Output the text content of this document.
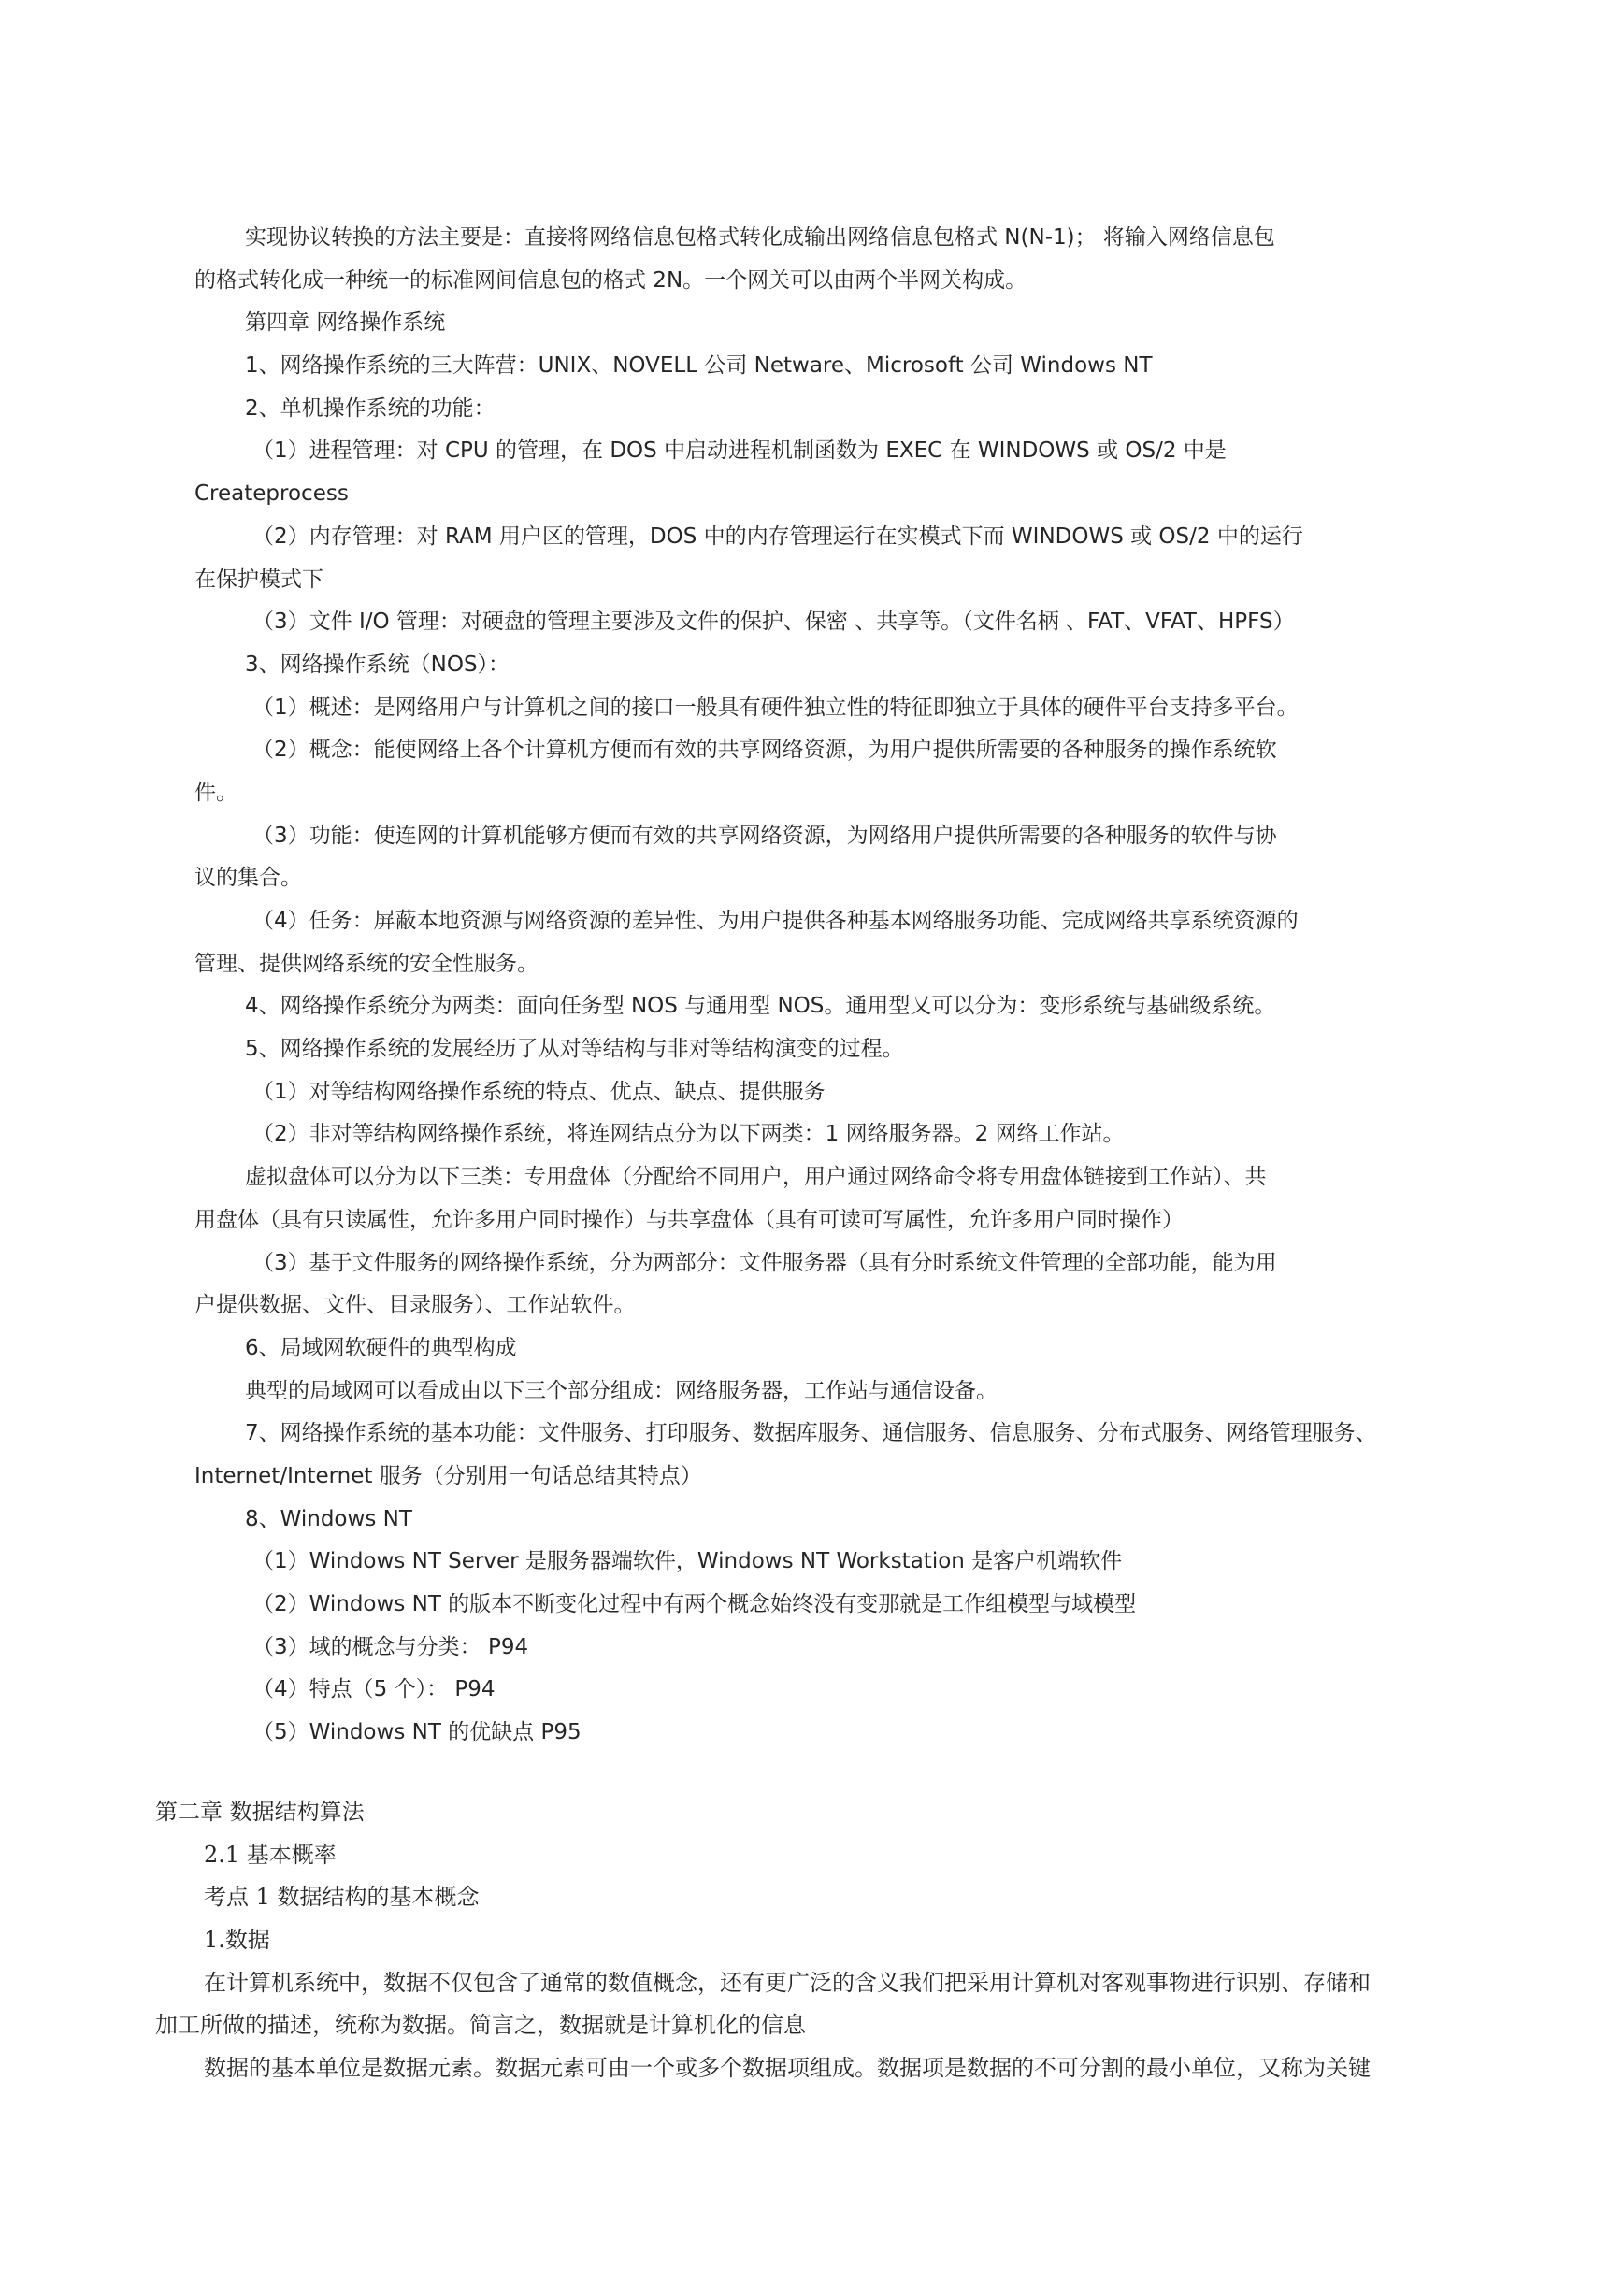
实现协议转换的方法主要是：直接将网络信息包格式转化成输出网络信息包格式 N(N-1)； 将输入网络信息包
的格式转化成一种统一的标准网间信息包的格式 2N。一个网关可以由两个半网关构成。
第四章 网络操作系统
1、网络操作系统的三大阵营：UNIX、NOVELL 公司 Netware、Microsoft 公司 Windows NT
2、单机操作系统的功能：
（1）进程管理：对 CPU 的管理，在 DOS 中启动进程机制函数为 EXEC 在 WINDOWS 或 OS/2 中是
Createprocess
（2）内存管理：对 RAM 用户区的管理，DOS 中的内存管理运行在实模式下而 WINDOWS 或 OS/2 中的运行
在保护模式下
（3）文件 I/O 管理：对硬盘的管理主要涉及文件的保护、保密 、共享等。（文件名柄 、FAT、VFAT、HPFS）
3、网络操作系统（NOS）：
（1）概述：是网络用户与计算机之间的接口一般具有硬件独立性的特征即独立于具体的硬件平台支持多平台。
（2）概念：能使网络上各个计算机方便而有效的共享网络资源，为用户提供所需要的各种服务的操作系统软
件。
（3）功能：使连网的计算机能够方便而有效的共享网络资源，为网络用户提供所需要的各种服务的软件与协
议的集合。
（4）任务：屏蔽本地资源与网络资源的差异性、为用户提供各种基本网络服务功能、完成网络共享系统资源的
管理、提供网络系统的安全性服务。
4、网络操作系统分为两类：面向任务型 NOS 与通用型 NOS。通用型又可以分为：变形系统与基础级系统。
5、网络操作系统的发展经历了从对等结构与非对等结构演变的过程。
（1）对等结构网络操作系统的特点、优点、缺点、提供服务
（2）非对等结构网络操作系统，将连网结点分为以下两类：1 网络服务器。2 网络工作站。
虚拟盘体可以分为以下三类：专用盘体（分配给不同用户，用户通过网络命令将专用盘体链接到工作站）、共
用盘体（具有只读属性，允许多用户同时操作）与共享盘体（具有可读可写属性，允许多用户同时操作）
（3）基于文件服务的网络操作系统，分为两部分：文件服务器（具有分时系统文件管理的全部功能，能为用
户提供数据、文件、目录服务）、工作站软件。
6、局域网软硬件的典型构成
典型的局域网可以看成由以下三个部分组成：网络服务器，工作站与通信设备。
7、网络操作系统的基本功能：文件服务、打印服务、数据库服务、通信服务、信息服务、分布式服务、网络管理服务、
Internet/Internet 服务（分别用一句话总结其特点）
8、Windows NT
（1）Windows NT Server 是服务器端软件，Windows NT Workstation 是客户机端软件
（2）Windows NT 的版本不断变化过程中有两个概念始终没有变那就是工作组模型与域模型
（3）域的概念与分类： P94
（4）特点（5 个）： P94
（5）Windows NT 的优缺点 P95
第二章 数据结构算法
2.1 基本概率
考点 1 数据结构的基本概念
1.数据
在计算机系统中，数据不仅包含了通常的数值概念，还有更广泛的含义我们把采用计算机对客观事物进行识别、存储和
加工所做的描述，统称为数据。简言之，数据就是计算机化的信息
数据的基本单位是数据元素。数据元素可由一个或多个数据项组成。数据项是数据的不可分割的最小单位，又称为关键
